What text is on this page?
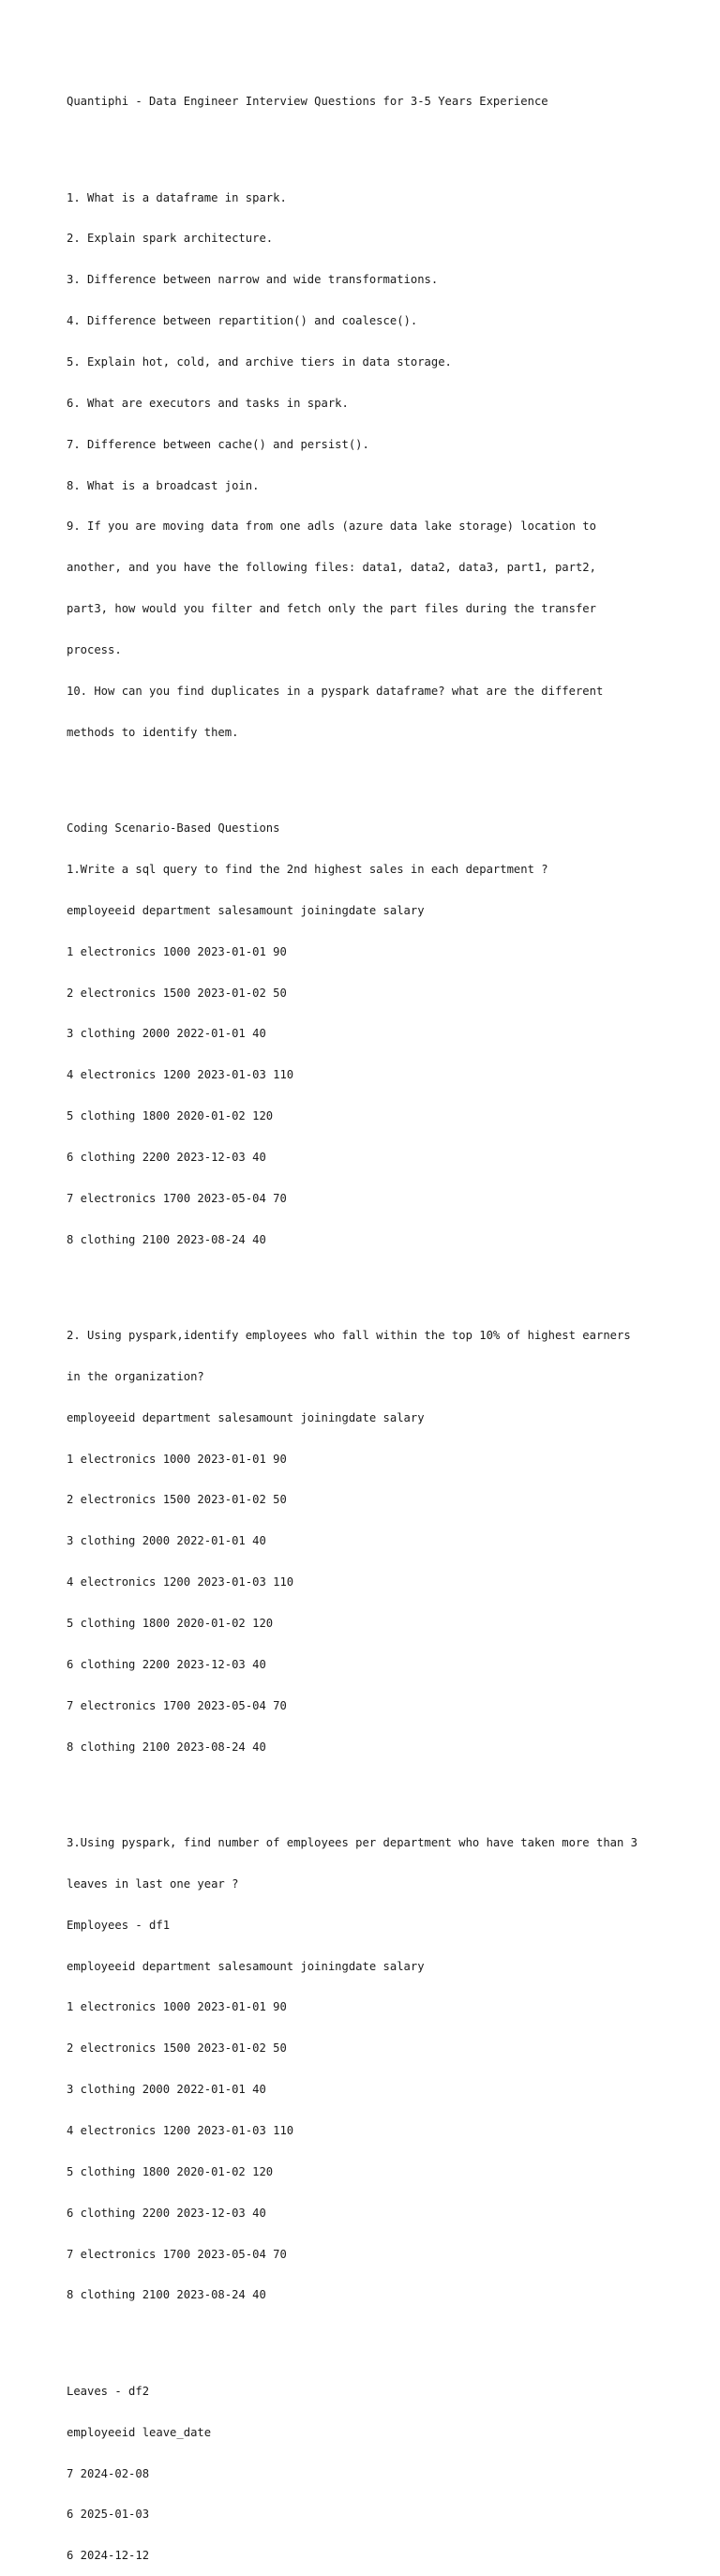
Quantiphi - Data Engineer Interview Questions for 3-5 Years Experience

1. What is a dataframe in spark.

2. Explain spark architecture.

3. Difference between narrow and wide transformations.

4. Difference between repartition() and coalesce().

5. Explain hot, cold, and archive tiers in data storage.

6. What are executors and tasks in spark.

7. Difference between cache() and persist().

8. What is a broadcast join.

9. If you are moving data from one adls (azure data lake storage) location to

another, and you have the following files: data1, data2, data3, part1, part2,

part3, how would you filter and fetch only the part files during the transfer

process.

10. How can you find duplicates in a pyspark dataframe? what are the different

methods to identify them.

Coding Scenario-Based Questions

1.Write a sql query to find the 2nd highest sales in each department ?

employeeid department salesamount joiningdate salary

1 electronics 1000 2023-01-01 90

2 electronics 1500 2023-01-02 50

3 clothing 2000 2022-01-01 40

4 electronics 1200 2023-01-03 110

5 clothing 1800 2020-01-02 120

6 clothing 2200 2023-12-03 40

7 electronics 1700 2023-05-04 70

8 clothing 2100 2023-08-24 40

2. Using pyspark,identify employees who fall within the top 10% of highest earners

in the organization?

employeeid department salesamount joiningdate salary

1 electronics 1000 2023-01-01 90

2 electronics 1500 2023-01-02 50

3 clothing 2000 2022-01-01 40

4 electronics 1200 2023-01-03 110

5 clothing 1800 2020-01-02 120

6 clothing 2200 2023-12-03 40

7 electronics 1700 2023-05-04 70

8 clothing 2100 2023-08-24 40

3.Using pyspark, find number of employees per department who have taken more than 3

leaves in last one year ?

Employees - df1

employeeid department salesamount joiningdate salary

1 electronics 1000 2023-01-01 90

2 electronics 1500 2023-01-02 50

3 clothing 2000 2022-01-01 40

4 electronics 1200 2023-01-03 110

5 clothing 1800 2020-01-02 120

6 clothing 2200 2023-12-03 40

7 electronics 1700 2023-05-04 70

8 clothing 2100 2023-08-24 40

Leaves - df2

employeeid leave_date

7 2024-02-08

6 2025-01-03

6 2024-12-12
